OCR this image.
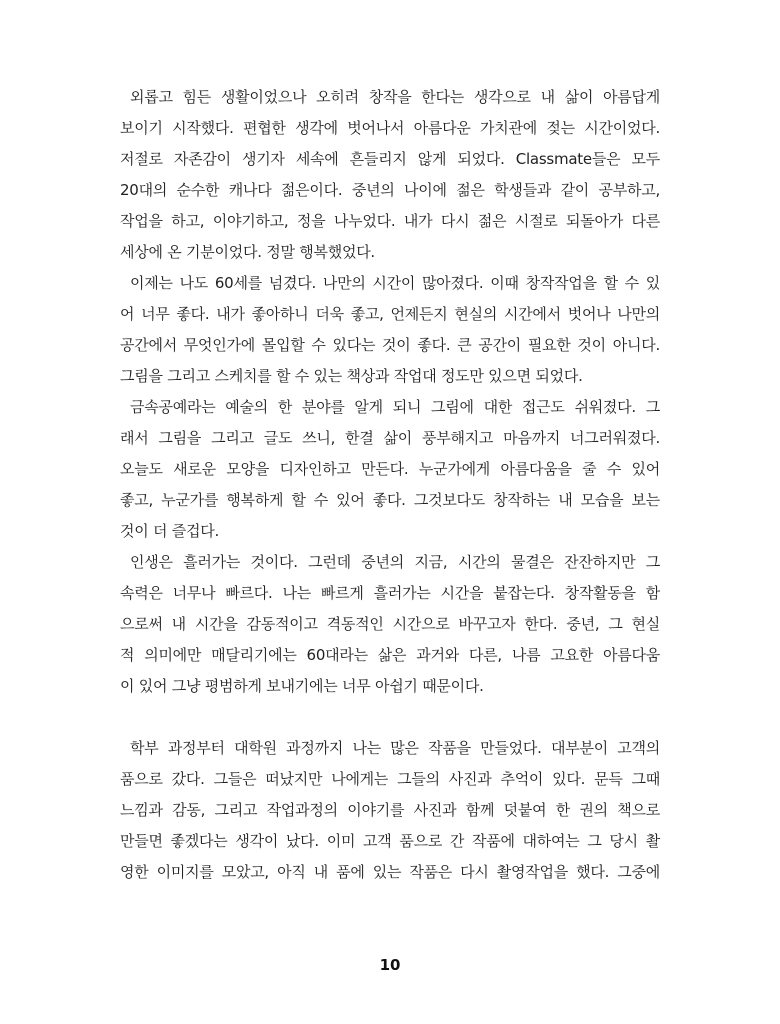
외롭고 힘든 생활이었으나 오히려 창작을 한다는 생각으로 내 삶이 아름답게
보이기 시작했다. 편협한 생각에 벗어나서 아름다운 가치관에 젖는 시간이었다.
저절로 자존감이 생기자 세속에 흔들리지 않게 되었다. Classmate들은 모두
20대의 순수한 캐나다 젊은이다. 중년의 나이에 젊은 학생들과 같이 공부하고,
작업을 하고, 이야기하고, 정을 나누었다. 내가 다시 젊은 시절로 되돌아가 다른
세상에 온 기분이었다. 정말 행복했었다.
이제는 나도 60세를 넘겼다. 나만의 시간이 많아졌다. 이때 창작작업을 할 수 있
어 너무 좋다. 내가 좋아하니 더욱 좋고, 언제든지 현실의 시간에서 벗어나 나만의
공간에서 무엇인가에 몰입할 수 있다는 것이 좋다. 큰 공간이 필요한 것이 아니다.
그림을 그리고 스케치를 할 수 있는 책상과 작업대 정도만 있으면 되었다.
금속공예라는 예술의 한 분야를 알게 되니 그림에 대한 접근도 쉬워졌다. 그
래서 그림을 그리고 글도 쓰니, 한결 삶이 풍부해지고 마음까지 너그러워졌다.
오늘도 새로운 모양을 디자인하고 만든다. 누군가에게 아름다움을 줄 수 있어
좋고, 누군가를 행복하게 할 수 있어 좋다. 그것보다도 창작하는 내 모습을 보는
것이 더 즐겁다.
인생은 흘러가는 것이다. 그런데 중년의 지금, 시간의 물결은 잔잔하지만 그
속력은 너무나 빠르다. 나는 빠르게 흘러가는 시간을 붙잡는다. 창작활동을 함
으로써 내 시간을 감동적이고 격동적인 시간으로 바꾸고자 한다. 중년, 그 현실
적 의미에만 매달리기에는 60대라는 삶은 과거와 다른, 나름 고요한 아름다움
이 있어 그냥 평범하게 보내기에는 너무 아쉽기 때문이다.
학부 과정부터 대학원 과정까지 나는 많은 작품을 만들었다. 대부분이 고객의
품으로 갔다. 그들은 떠났지만 나에게는 그들의 사진과 추억이 있다. 문득 그때
느낌과 감동, 그리고 작업과정의 이야기를 사진과 함께 덧붙여 한 권의 책으로
만들면 좋겠다는 생각이 났다. 이미 고객 품으로 간 작품에 대하여는 그 당시 촬
영한 이미지를 모았고, 아직 내 품에 있는 작품은 다시 촬영작업을 했다. 그중에
10
